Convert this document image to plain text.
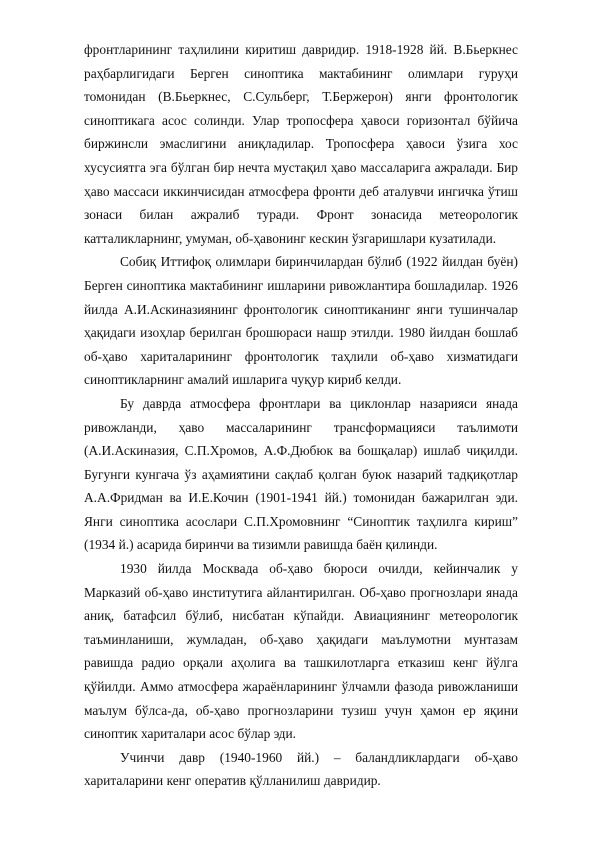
фронтларининг таҳлилини киритиш давридир. 1918-1928 йй. В.Бьеркнес раҳбарлигидаги Берген синоптика мактабининг олимлари гуруҳи томонидан (В.Бьеркнес, С.Сульберг, Т.Бержерон) янги фронтологик синоптикага асос солинди. Улар тропосфера ҳавоси горизонтал бўйича биржинсли эмаслигини аниқладилар. Тропосфера ҳавоси ўзига хос хусусиятга эга бўлган бир нечта мустақил ҳаво массаларига ажралади. Бир ҳаво массаси иккинчисидан атмосфера фронти деб аталувчи ингичка ўтиш зонаси билан ажралиб туради. Фронт зонасида метеорологик катталикларнинг, умуман, об-ҳавонинг кескин ўзгаришлари кузатилади.

Собиқ Иттифоқ олимлари биринчилардан бўлиб (1922 йилдан буён) Берген синоптика мактабининг ишларини ривожлантира бошладилар. 1926 йилда А.И.Аскиназиянинг фронтологик синоптиканинг янги тушинчалар ҳақидаги изоҳлар берилган брошюраси нашр этилди. 1980 йилдан бошлаб об-ҳаво хариталарининг фронтологик таҳлили об-ҳаво хизматидаги синоптикларнинг амалий ишларига чуқур кириб келди.

Бу даврда атмосфера фронтлари ва циклонлар назарияси янада ривожланди, ҳаво массаларининг трансформацияси таълимоти (А.И.Аскиназия, С.П.Хромов, А.Ф.Дюбюк ва бошқалар) ишлаб чиқилди. Бугунги кунгача ўз аҳамиятини сақлаб қолган буюк назарий тадқиқотлар А.А.Фридман ва И.Е.Кочин (1901-1941 йй.) томонидан бажарилган эди. Янги синоптика асослари С.П.Хромовнинг “Синоптик таҳлилга кириш” (1934 й.) асарида биринчи ва тизимли равишда баён қилинди.

1930 йилда Москвада об-ҳаво бюроси очилди, кейинчалик у Марказий об-ҳаво институтига айлантирилган. Об-ҳаво прогнозлари янада аниқ, батафсил бўлиб, нисбатан кўпайди. Авиациянинг метеорологик таъминланиши, жумладан, об-ҳаво ҳақидаги маълумотни мунтазам равишда радио орқали аҳолига ва ташкилотларга етказиш кенг йўлга қўйилди. Аммо атмосфера жараёнларининг ўлчамли фазода ривожланиши маълум бўлса-да, об-ҳаво прогнозларини тузиш учун ҳамон ер яқини синоптик хариталари асос бўлар эди.

Учинчи давр (1940-1960 йй.) – баландликлардаги об-ҳаво хариталарини кенг оператив қўлланилиш давридир.
